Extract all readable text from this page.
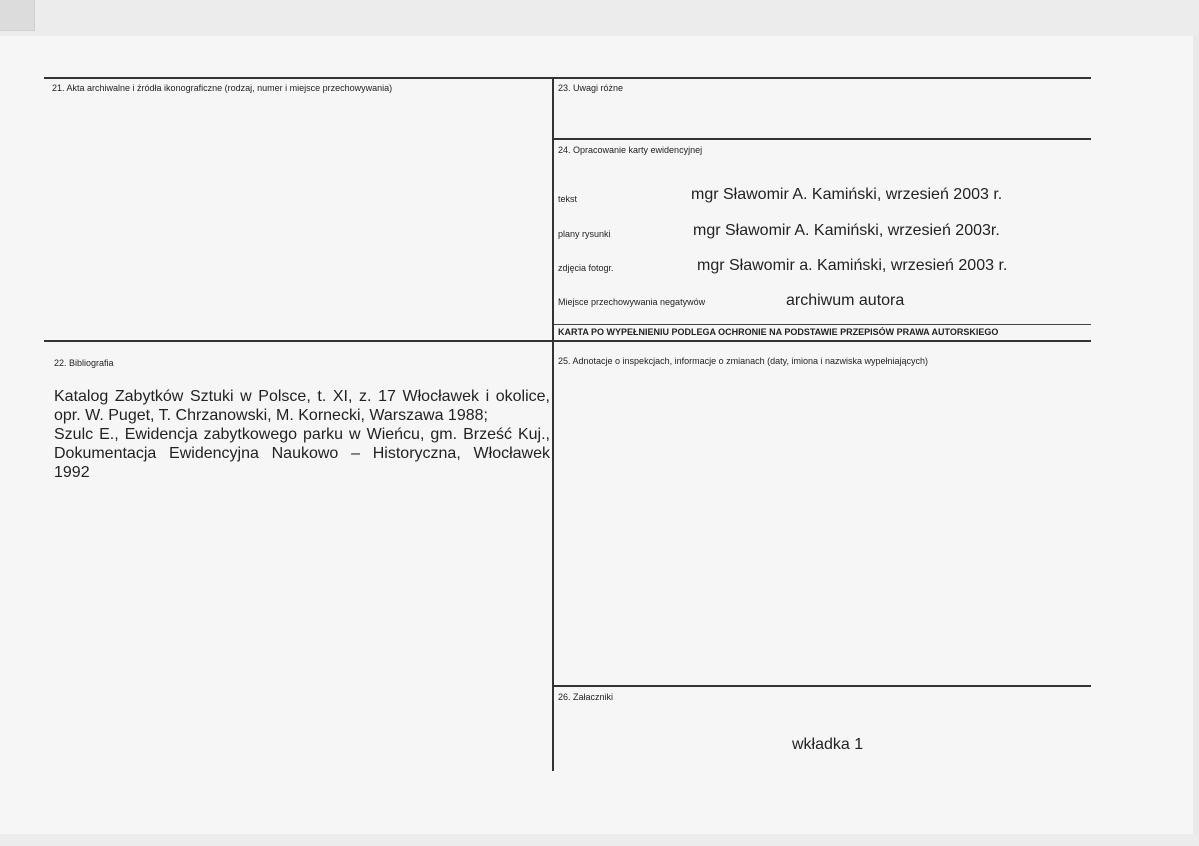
21. Akta archiwalne i źródła ikonograficzne (rodzaj, numer i miejsce przechowywania)	23. Uwagi różne
24. Opracowanie karty ewidencyjnej
tekst	mgr Sławomir A. Kamiński, wrzesień 2003 r.
plany rysunki	mgr Sławomir A. Kamiński, wrzesień 2003r.
zdjęcia fotogr.	mgr Sławomir a. Kamiński, wrzesień 2003 r.
Miejsce przechowywania negatywów	archiwum autora
KARTA PO WYPEŁNIENIU PODLEGA OCHRONIE NA PODSTAWIE PRZEPISÓW PRAWA AUTORSKIEGO
22. Bibliografia
Katalog Zabytków Sztuki w Polsce, t. XI, z. 17 Włocławek i okolice,
opr. W. Puget, T. Chrzanowski, M. Kornecki, Warszawa 1988;
Szulc E., Ewidencja zabytkowego parku w Wieńcu, gm. Brześć Kuj.,
Dokumentacja Ewidencyjna Naukowo – Historyczna, Włocławek
1992
25. Adnotacje o inspekcjach, informacje o zmianach (daty, imiona i nazwiska wypełniających)
26. Załaczniki
wkładka 1
